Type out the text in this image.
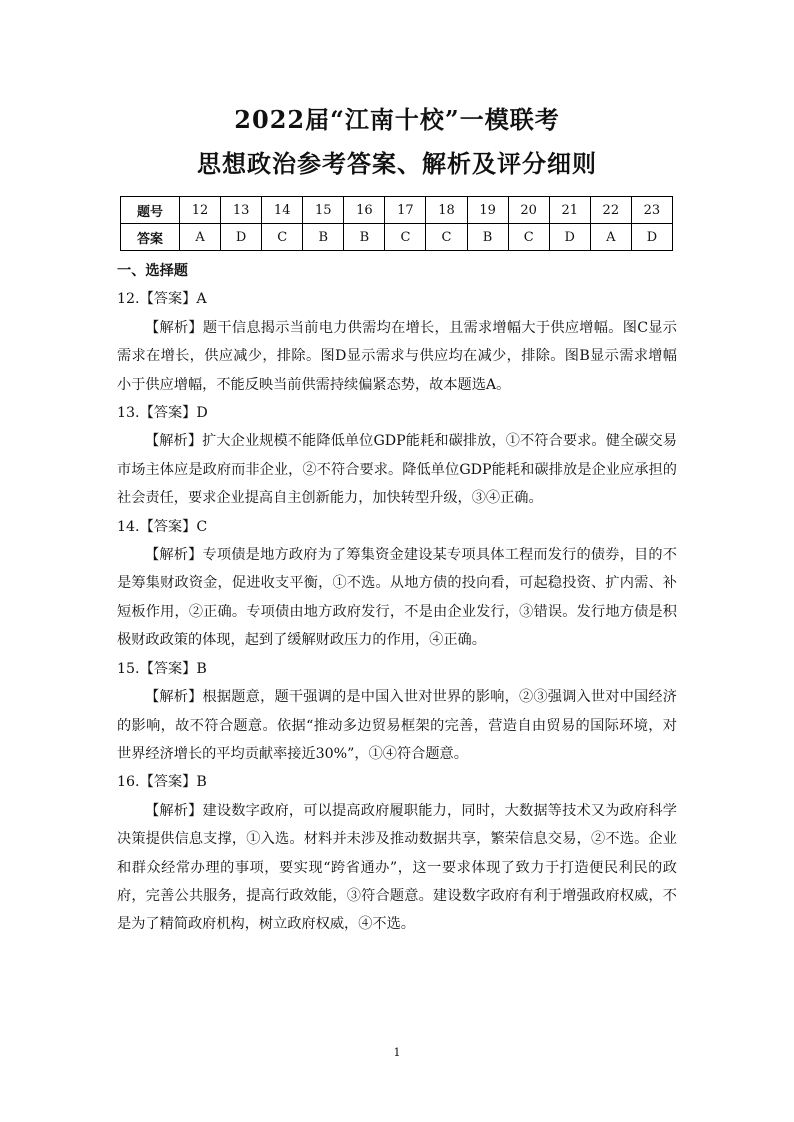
2022届“江南十校”一模联考
思想政治参考答案、解析及评分细则
题号	12	13	14	15	16	17	18	19	20	21	22	23
答案	A	D	C	B	B	C	C	B	C	D	A	D

一、选择题

12.【答案】A

【解析】题干信息揭示当前电力供需均在增长，且需求增幅大于供应增幅。图C显示需求在增长，供应减少，排除。图D显示需求与供应均在减少，排除。图B显示需求增幅小于供应增幅，不能反映当前供需持续偏紧态势，故本题选A。

13.【答案】D

【解析】扩大企业规模不能降低单位GDP能耗和碳排放，①不符合要求。健全碳交易市场主体应是政府而非企业，②不符合要求。降低单位GDP能耗和碳排放是企业应承担的社会责任，要求企业提高自主创新能力，加快转型升级，③④正确。

14.【答案】C

【解析】专项债是地方政府为了筹集资金建设某专项具体工程而发行的债券，目的不是筹集财政资金，促进收支平衡，①不选。从地方债的投向看，可起稳投资、扩内需、补短板作用，②正确。专项债由地方政府发行，不是由企业发行，③错误。发行地方债是积极财政政策的体现，起到了缓解财政压力的作用，④正确。

15.【答案】B

【解析】根据题意，题干强调的是中国入世对世界的影响，②③强调入世对中国经济的影响，故不符合题意。依据“推动多边贸易框架的完善，营造自由贸易的国际环境，对世界经济增长的平均贡献率接近30%”，①④符合题意。

16.【答案】B

【解析】建设数字政府，可以提高政府履职能力，同时，大数据等技术又为政府科学决策提供信息支撑，①入选。材料并未涉及推动数据共享，繁荣信息交易，②不选。企业和群众经常办理的事项，要实现“跨省通办”，这一要求体现了致力于打造便民利民的政府，完善公共服务，提高行政效能，③符合题意。建设数字政府有利于增强政府权威，不是为了精简政府机构，树立政府权威，④不选。

1
